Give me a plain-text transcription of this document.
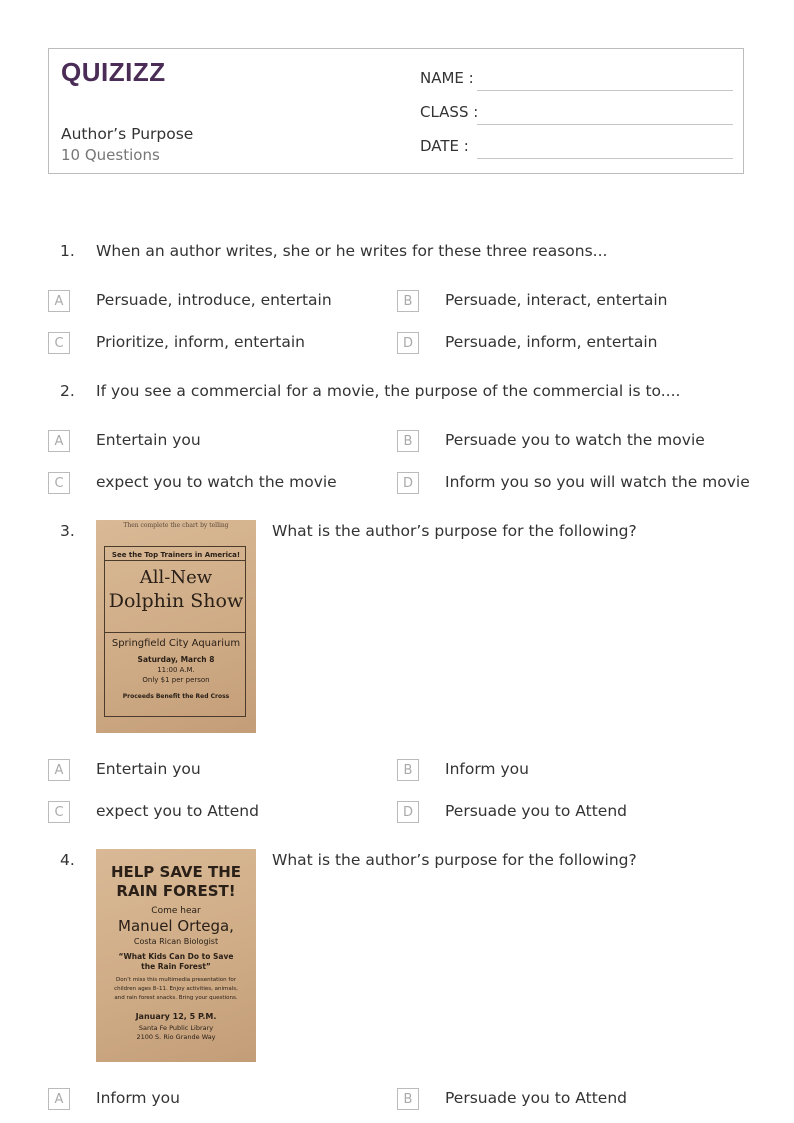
QUIZIZZ
Author’s Purpose
10 Questions
NAME :
CLASS :
DATE :
1. When an author writes, she or he writes for these three reasons...
A	Persuade, introduce, entertain	B	Persuade, interact, entertain
C	Prioritize, inform, entertain	D	Persuade, inform, entertain
2. If you see a commercial for a movie, the purpose of the commercial is to....
A	Entertain you	B	Persuade you to watch the movie
C	expect you to watch the movie	D	Inform you so you will watch the movie
3.	What is the author’s purpose for the following?
Then complete the chart by telling
See the Top Trainers in America!
All-New
Dolphin Show
Springfield City Aquarium
Saturday, March 8
11:00 A.M.
Only $1 per person
Proceeds Benefit the Red Cross
A	Entertain you	B	Inform you
C	expect you to Attend	D	Persuade you to Attend
4.	What is the author’s purpose for the following?
HELP SAVE THE
RAIN FOREST!
Come hear
Manuel Ortega,
Costa Rican Biologist
“What Kids Can Do to Save
the Rain Forest”
Don’t miss this multimedia presentation for
children ages 8–11. Enjoy activities, animals,
and rain forest snacks. Bring your questions.
January 12, 5 P.M.
Santa Fe Public Library
2100 S. Rio Grande Way
A	Inform you	B	Persuade you to Attend
